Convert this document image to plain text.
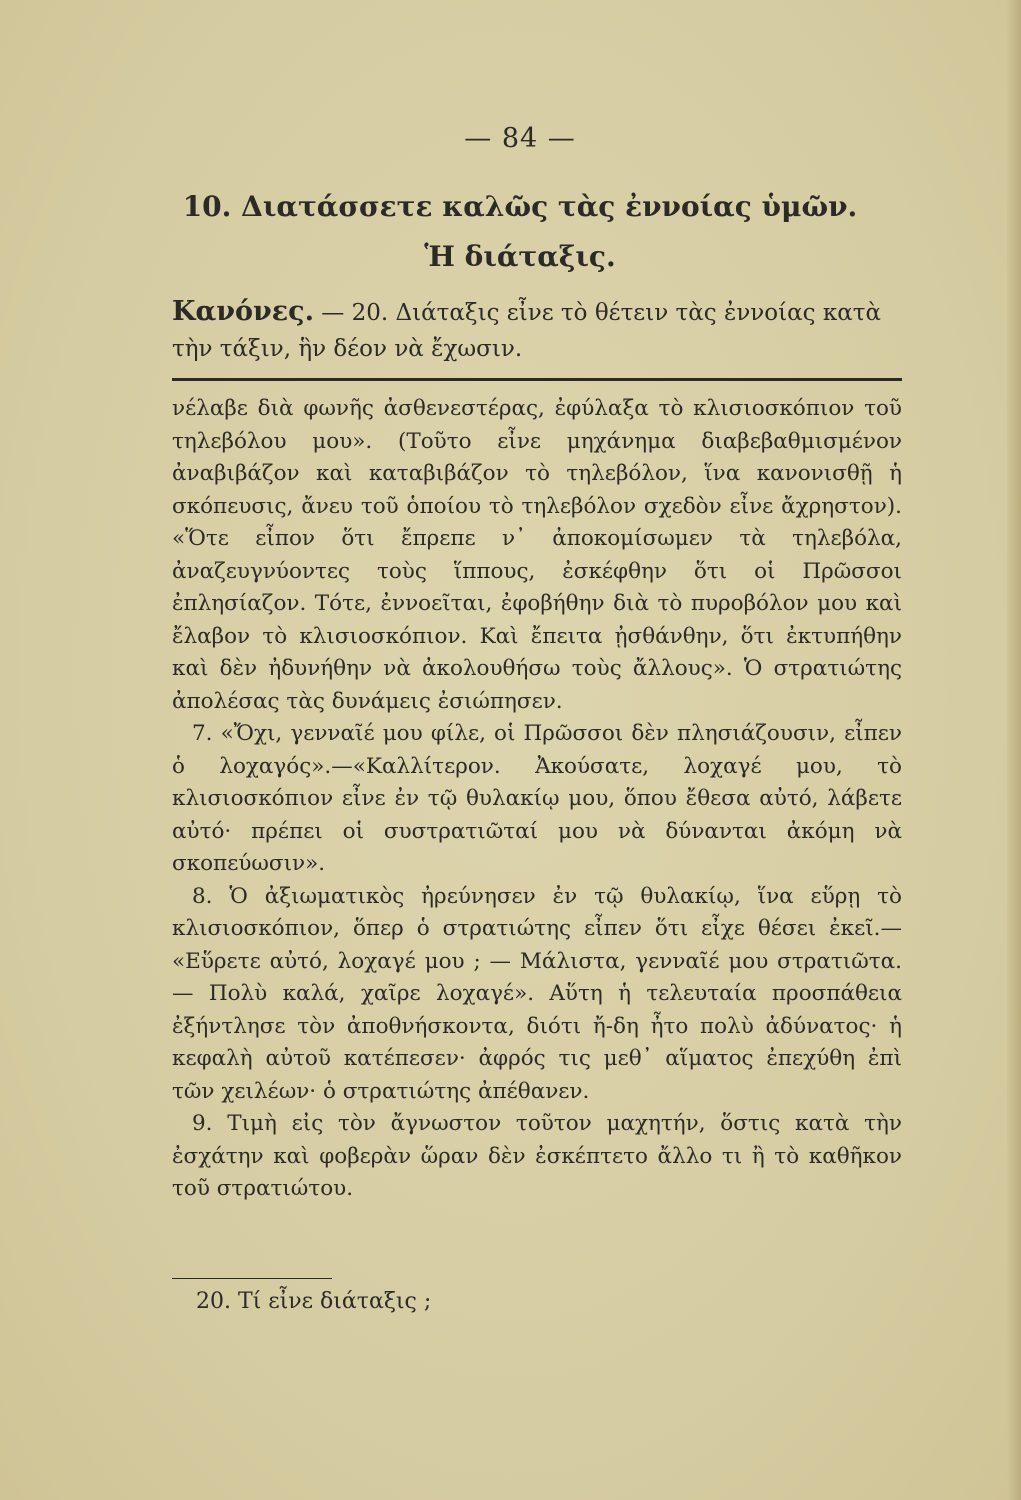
— 84 —
10. Διατάσσετε καλῶς τὰς ἐννοίας ὑμῶν.
Ἡ διάταξις.
Κανόνες. — 20. Διάταξις εἶνε τὸ θέτειν τὰς ἐννοίας κατὰ
τὴν τάξιν, ἣν δέον νὰ ἔχωσιν.

νέλαβε διὰ φωνῆς ἀσθενεστέρας, ἐφύλαξα τὸ κλισιοσκόπιον τοῦ τηλεβόλου μου». (Τοῦτο εἶνε μηχάνημα διαβεβαθμισμένον ἀναβιβάζον καὶ καταβιβάζον τὸ τηλεβόλον, ἵνα κανονισθῇ ἡ σκόπευσις, ἄνευ τοῦ ὁποίου τὸ τηλεβόλον σχεδὸν εἶνε ἄχρηστον). «Ὅτε εἶπον ὅτι ἔπρεπε ν᾽ ἀποκομίσωμεν τὰ τηλεβόλα, ἀναζευγνύοντες τοὺς ἵππους, ἐσκέφθην ὅτι οἱ Πρῶσσοι ἐπλησίαζον. Τότε, ἐννοεῖται, ἐφοβήθην διὰ τὸ πυροβόλον μου καὶ ἔλαβον τὸ κλισιοσκόπιον. Καὶ ἔπειτα ᾐσθάνθην, ὅτι ἐκτυπήθην καὶ δὲν ἠδυνήθην νὰ ἀκολουθήσω τοὺς ἄλλους». Ὁ στρατιώτης ἀπολέσας τὰς δυνάμεις ἐσιώπησεν.

7. «Ὄχι, γενναῖέ μου φίλε, οἱ Πρῶσσοι δὲν πλησιάζουσιν, εἶπεν ὁ λοχαγός».—«Καλλίτερον. Ἀκούσατε, λοχαγέ μου, τὸ κλισιοσκόπιον εἶνε ἐν τῷ θυλακίῳ μου, ὅπου ἔθεσα αὐτό, λάβετε αὐτό· πρέπει οἱ συστρατιῶταί μου νὰ δύνανται ἀκόμη νὰ σκοπεύωσιν».

8. Ὁ ἀξιωματικὸς ἠρεύνησεν ἐν τῷ θυλακίῳ, ἵνα εὕρῃ τὸ κλισιοσκόπιον, ὅπερ ὁ στρατιώτης εἶπεν ὅτι εἶχε θέσει ἐκεῖ.— «Εὕρετε αὐτό, λοχαγέ μου ; — Μάλιστα, γενναῖέ μου στρατιῶτα.— Πολὺ καλά, χαῖρε λοχαγέ». Αὕτη ἡ τελευταία προσπάθεια ἐξήντλησε τὸν ἀποθνήσκοντα, διότι ἤ-δη ἦτο πολὺ ἀδύνατος· ἡ κεφαλὴ αὐτοῦ κατέπεσεν· ἀφρός τις μεθ᾽ αἵματος ἐπεχύθη ἐπὶ τῶν χειλέων· ὁ στρατιώτης ἀπέθανεν.

9. Τιμὴ εἰς τὸν ἄγνωστον τοῦτον μαχητήν, ὅστις κατὰ τὴν ἐσχάτην καὶ φοβερὰν ὥραν δὲν ἐσκέπτετο ἄλλο τι ἢ τὸ καθῆκον τοῦ στρατιώτου.

20. Τί εἶνε διάταξις ;
